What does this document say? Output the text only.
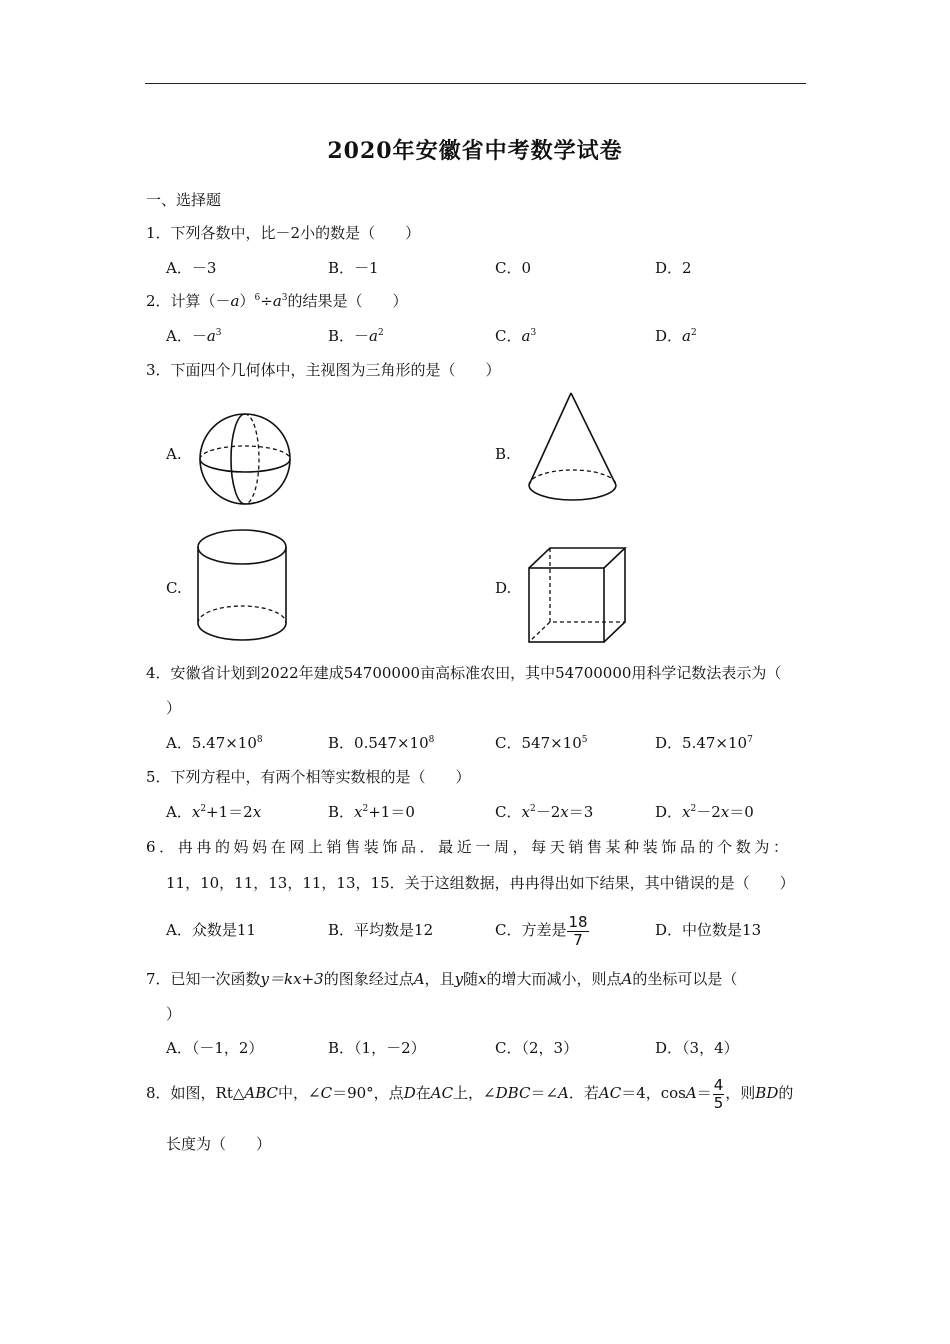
2020年安徽省中考数学试卷
一、选择题
1．下列各数中，比－2小的数是（　　）
A．－3	B．－1	C．0	D．2
2．计算$(-a)^6\div a^3$的结果是（　　）
A．$-a^3$	B．$-a^2$	C．$a^3$	D．$a^2$
3．下面四个几何体中，主视图为三角形的是（　　）
A.	B.
C.	D.
4．安徽省计划到2022年建成54700000亩高标准农田，其中54700000用科学记数法表示为（
）
A．$5.47\times 10^8$	B．$0.547\times 10^8$	C．$547\times 10^5$	D．$5.47\times 10^7$
5．下列方程中，有两个相等实数根的是（　　）
A．$x^2+1=2x$	B．$x^2+1=0$	C．$x^2-2x=3$	D．$x^2-2x=0$
6．冉冉的妈妈在网上销售装饰品．最近一周，每天销售某种装饰品的个数为：
11，10，11，13，11，13，15．关于这组数据，冉冉得出如下结果，其中错误的是（　　）
A．众数是11	B．平均数是12	C．方差是 $\frac{18}{7}$	D．中位数是13
7．已知一次函数y＝kx+3的图象经过点A，且y随x的增大而减小，则点A的坐标可以是（
）
A．（－1，2）	B．（1，－2）	C．（2，3）	D．（3，4）
8．如图，Rt△ABC中，∠C＝90°，点D在AC上，∠DBC＝∠A．若AC＝4，$\cos A= \frac{4}{5}$ ，则BD的
长度为（　　）
